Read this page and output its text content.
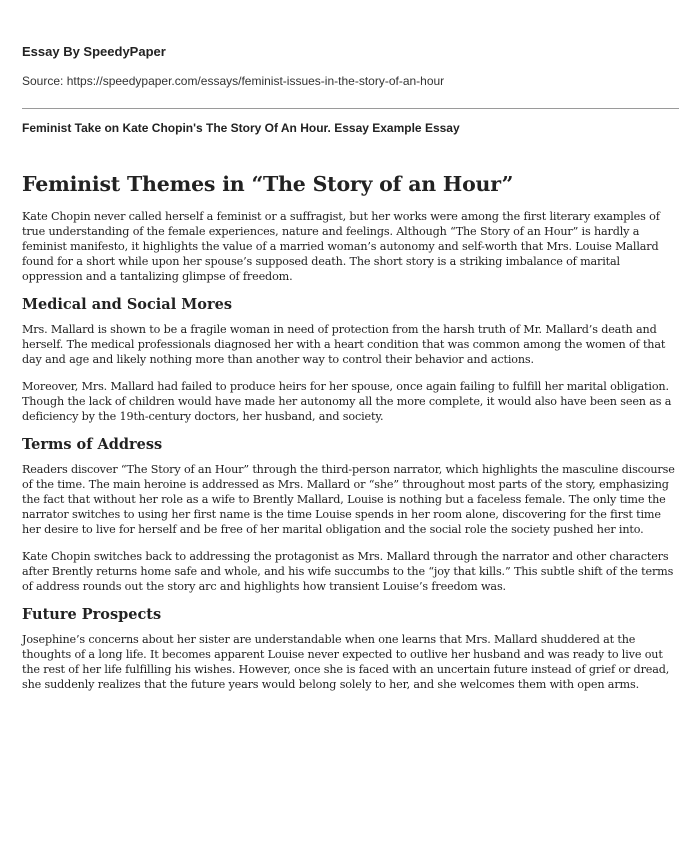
Essay By SpeedyPaper
Source: https://speedypaper.com/essays/feminist-issues-in-the-story-of-an-hour
Feminist Take on Kate Chopin's The Story Of An Hour. Essay Example Essay
Feminist Themes in “The Story of an Hour”

Kate Chopin never called herself a feminist or a suffragist, but her works were among the first literary examples of true understanding of the female experiences, nature and feelings. Although “The Story of an Hour” is hardly a feminist manifesto, it highlights the value of a married woman’s autonomy and self-worth that Mrs. Louise Mallard found for a short while upon her spouse’s supposed death. The short story is a striking imbalance of marital oppression and a tantalizing glimpse of freedom.

Medical and Social Mores

Mrs. Mallard is shown to be a fragile woman in need of protection from the harsh truth of Mr. Mallard’s death and herself. The medical professionals diagnosed her with a heart condition that was common among the women of that day and age and likely nothing more than another way to control their behavior and actions.

Moreover, Mrs. Mallard had failed to produce heirs for her spouse, once again failing to fulfill her marital obligation. Though the lack of children would have made her autonomy all the more complete, it would also have been seen as a deficiency by the 19th-century doctors, her husband, and society.

Terms of Address

Readers discover “The Story of an Hour” through the third-person narrator, which highlights the masculine discourse of the time. The main heroine is addressed as Mrs. Mallard or “she” throughout most parts of the story, emphasizing the fact that without her role as a wife to Brently Mallard, Louise is nothing but a faceless female. The only time the narrator switches to using her first name is the time Louise spends in her room alone, discovering for the first time her desire to live for herself and be free of her marital obligation and the social role the society pushed her into.

Kate Chopin switches back to addressing the protagonist as Mrs. Mallard through the narrator and other characters after Brently returns home safe and whole, and his wife succumbs to the “joy that kills.” This subtle shift of the terms of address rounds out the story arc and highlights how transient Louise’s freedom was.

Future Prospects

Josephine’s concerns about her sister are understandable when one learns that Mrs. Mallard shuddered at the thoughts of a long life. It becomes apparent Louise never expected to outlive her husband and was ready to live out the rest of her life fulfilling his wishes. However, once she is faced with an uncertain future instead of grief or dread, she suddenly realizes that the future years would belong solely to her, and she welcomes them with open arms.
